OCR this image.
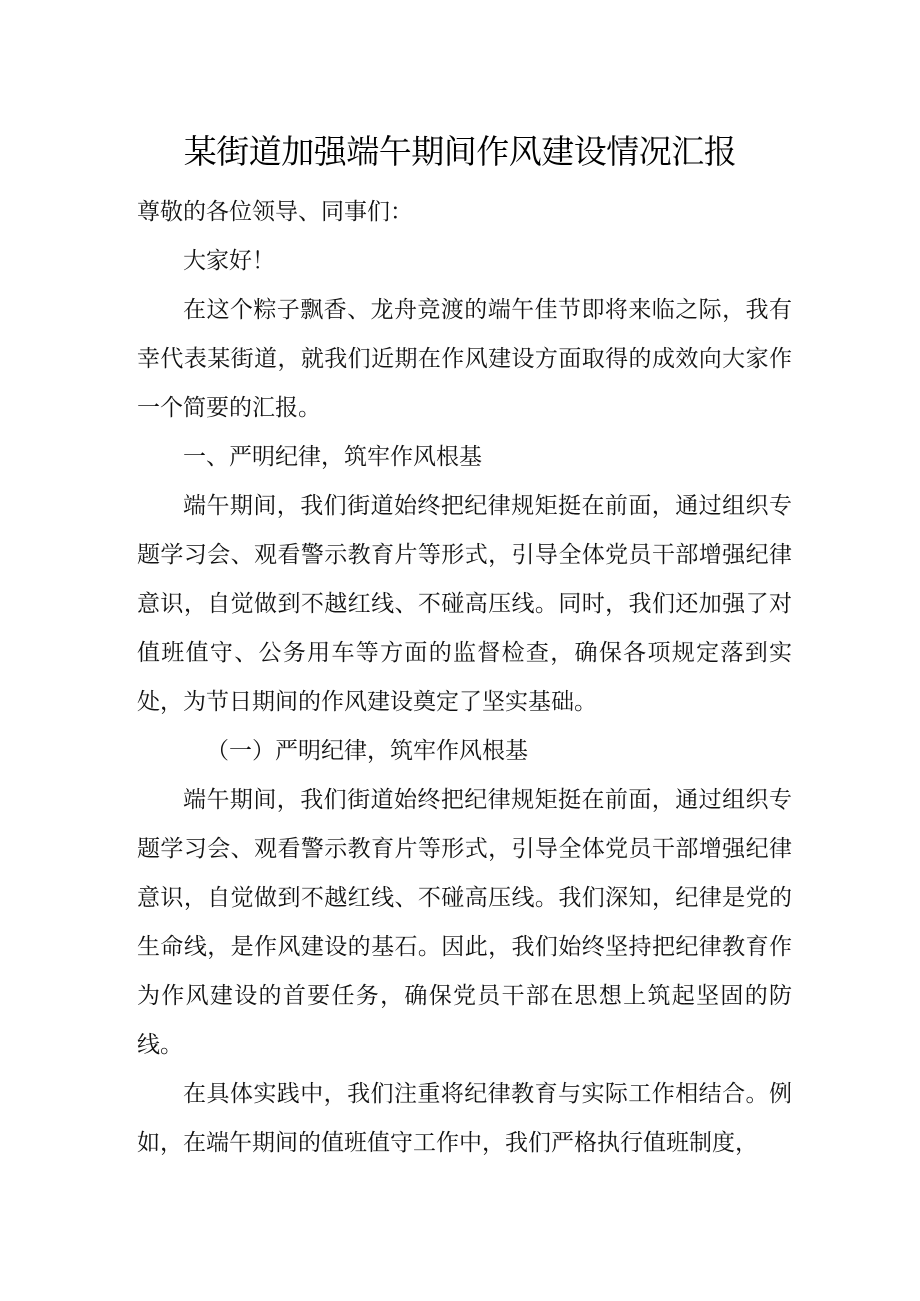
某街道加强端午期间作风建设情况汇报

尊敬的各位领导、同事们：

大家好！

在这个粽子飘香、龙舟竞渡的端午佳节即将来临之际，我有幸代表某街道，就我们近期在作风建设方面取得的成效向大家作一个简要的汇报。

一、严明纪律，筑牢作风根基

端午期间，我们街道始终把纪律规矩挺在前面，通过组织专题学习会、观看警示教育片等形式，引导全体党员干部增强纪律意识，自觉做到不越红线、不碰高压线。同时，我们还加强了对值班值守、公务用车等方面的监督检查，确保各项规定落到实处，为节日期间的作风建设奠定了坚实基础。

（一）严明纪律，筑牢作风根基

端午期间，我们街道始终把纪律规矩挺在前面，通过组织专题学习会、观看警示教育片等形式，引导全体党员干部增强纪律意识，自觉做到不越红线、不碰高压线。我们深知，纪律是党的生命线，是作风建设的基石。因此，我们始终坚持把纪律教育作为作风建设的首要任务，确保党员干部在思想上筑起坚固的防线。

在具体实践中，我们注重将纪律教育与实际工作相结合。例如，在端午期间的值班值守工作中，我们严格执行值班制度，
